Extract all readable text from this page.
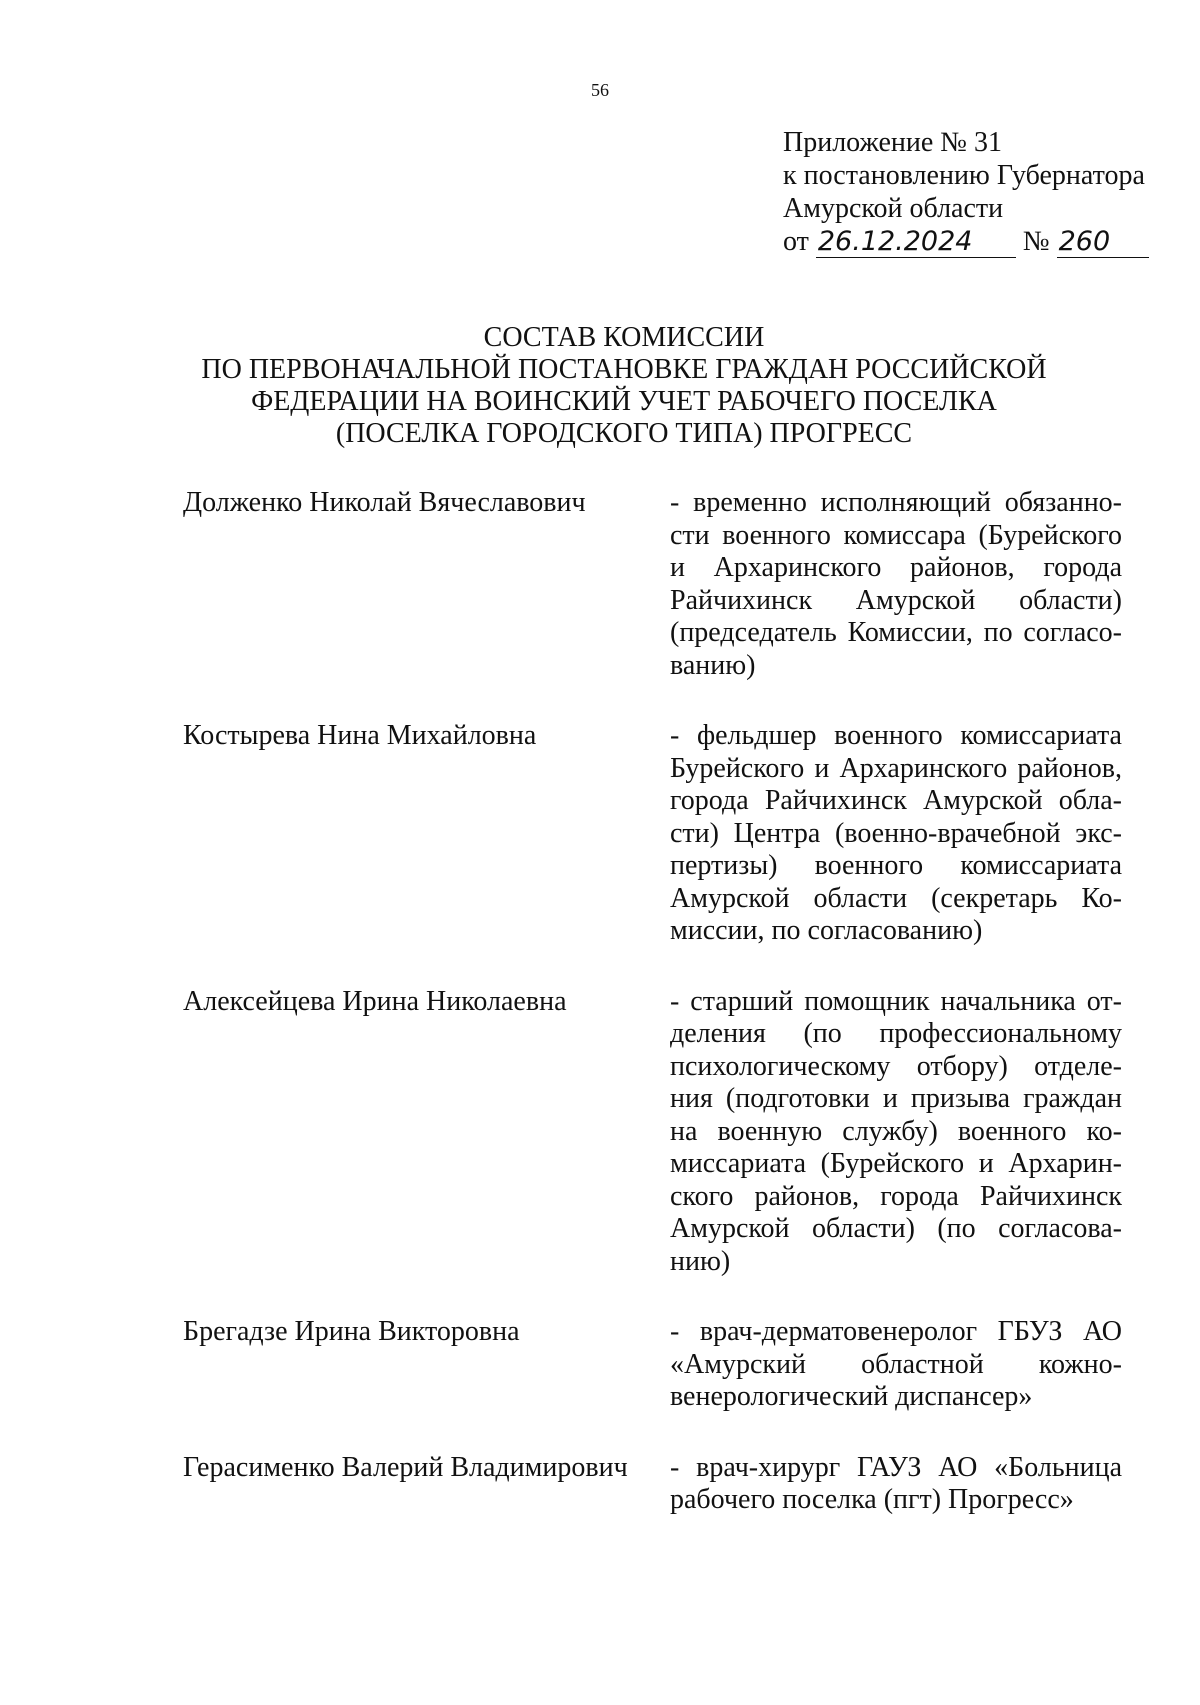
56
Приложение № 31
к постановлению Губернатора
Амурской области
от 26.12.2024 № 260
СОСТАВ КОМИССИИ
ПО ПЕРВОНАЧАЛЬНОЙ ПОСТАНОВКЕ ГРАЖДАН РОССИЙСКОЙ
ФЕДЕРАЦИИ НА ВОИНСКИЙ УЧЕТ РАБОЧЕГО ПОСЕЛКА
(ПОСЕЛКА ГОРОДСКОГО ТИПА) ПРОГРЕСС
Долженко Николай Вячеславович	- временно исполняющий обязанно-
сти военного комиссара (Бурейского
и Архаринского районов, города
Райчихинск Амурской области)
(председатель Комиссии, по согласо-
ванию)
Костырева Нина Михайловна	- фельдшер военного комиссариата
Бурейского и Архаринского районов,
города Райчихинск Амурской обла-
сти) Центра (военно-врачебной экс-
пертизы) военного комиссариата
Амурской области (секретарь Ко-
миссии, по согласованию)
Алексейцева Ирина Николаевна	- старший помощник начальника от-
деления (по профессиональному
психологическому отбору) отделе-
ния (подготовки и призыва граждан
на военную службу) военного ко-
миссариата (Бурейского и Архарин-
ского районов, города Райчихинск
Амурской области) (по согласова-
нию)
Брегадзе Ирина Викторовна	- врач-дерматовенеролог ГБУЗ АО
«Амурский областной кожно-
венерологический диспансер»
Герасименко Валерий Владимирович	- врач-хирург ГАУЗ АО «Больница
рабочего поселка (пгт) Прогресс»
